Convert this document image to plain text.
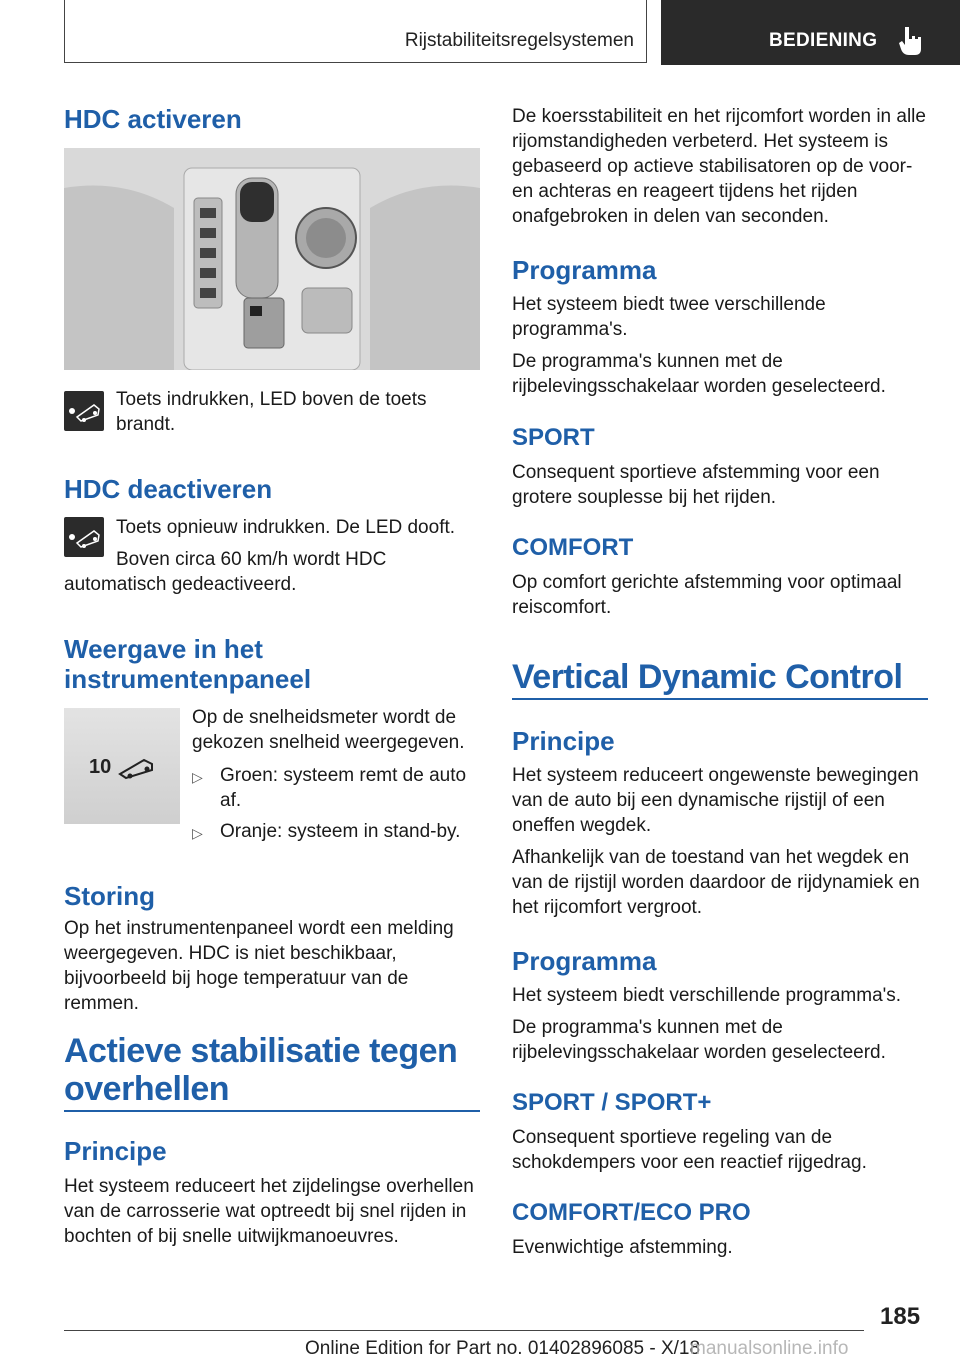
Rijstabiliteitsregelsystemen	BEDIENING
HDC activeren

Toets indrukken, LED boven de toets brandt.

HDC deactiveren

Toets opnieuw indrukken. De LED dooft.

Boven circa 60 km/h wordt HDC automatisch gedeactiveerd.

Weergave in het instrumentenpaneel
10

Op de snelheidsmeter wordt de gekozen snelheid weergegeven.

▷ Groen: systeem remt de auto af.

▷ Oranje: systeem in stand-by.

Storing

Op het instrumentenpaneel wordt een melding weergegeven. HDC is niet beschikbaar, bijvoorbeeld bij hoge temperatuur van de remmen.

Actieve stabilisatie tegen overhellen
Principe

Het systeem reduceert het zijdelingse overhellen van de carrosserie wat optreedt bij snel rijden in bochten of bij snelle uitwijkmanoeuvres.

De koersstabiliteit en het rijcomfort worden in alle rijomstandigheden verbeterd. Het systeem is gebaseerd op actieve stabilisatoren op de voor- en achteras en reageert tijdens het rijden onafgebroken in delen van seconden.

Programma

Het systeem biedt twee verschillende programma's.

De programma's kunnen met de rijbelevingsschakelaar worden geselecteerd.

SPORT

Consequent sportieve afstemming voor een grotere souplesse bij het rijden.

COMFORT

Op comfort gerichte afstemming voor optimaal reiscomfort.

Vertical Dynamic Control
Principe

Het systeem reduceert ongewenste bewegingen van de auto bij een dynamische rijstijl of een oneffen wegdek.

Afhankelijk van de toestand van het wegdek en van de rijstijl worden daardoor de rijdynamiek en het rijcomfort vergroot.

Programma

Het systeem biedt verschillende programma's.

De programma's kunnen met de rijbelevingsschakelaar worden geselecteerd.

SPORT / SPORT+

Consequent sportieve regeling van de schokdempers voor een reactief rijgedrag.

COMFORT/ECO PRO

Evenwichtige afstemming.

185
Online Edition for Part no. 01402896085 - X/18
manualsonline.info
